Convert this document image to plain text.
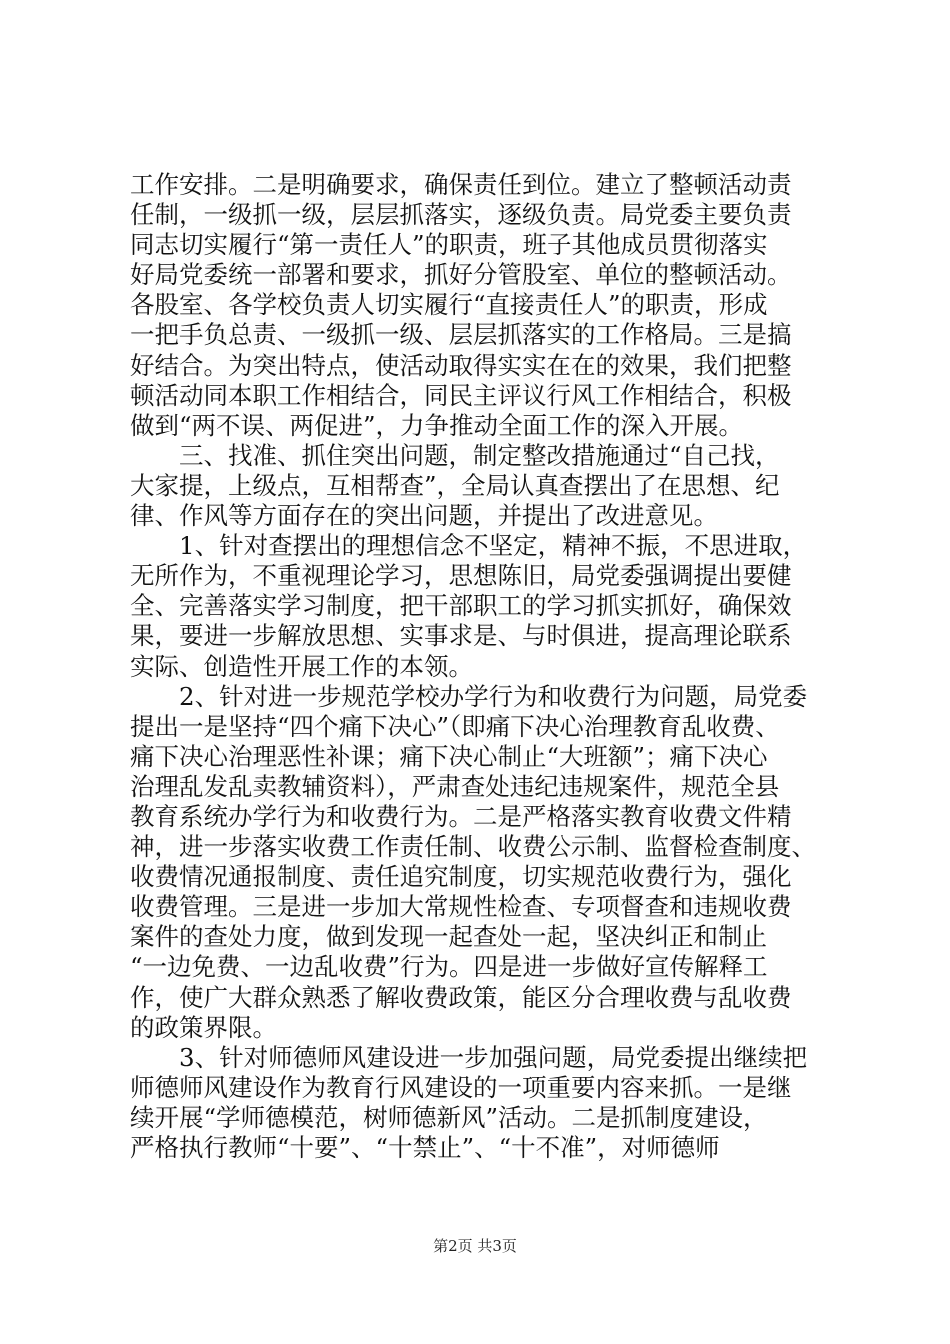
工作安排。二是明确要求，确保责任到位。建立了整顿活动责
任制，一级抓一级，层层抓落实，逐级负责。局党委主要负责
同志切实履行“第一责任人”的职责，班子其他成员贯彻落实
好局党委统一部署和要求，抓好分管股室、单位的整顿活动。
各股室、各学校负责人切实履行“直接责任人”的职责，形成
一把手负总责、一级抓一级、层层抓落实的工作格局。三是搞
好结合。为突出特点，使活动取得实实在在的效果，我们把整
顿活动同本职工作相结合，同民主评议行风工作相结合，积极
做到“两不误、两促进”，力争推动全面工作的深入开展。
三、找准、抓住突出问题，制定整改措施通过“自己找，
大家提，上级点，互相帮查”，全局认真查摆出了在思想、纪
律、作风等方面存在的突出问题，并提出了改进意见。
1、针对查摆出的理想信念不坚定，精神不振，不思进取，
无所作为，不重视理论学习，思想陈旧，局党委强调提出要健
全、完善落实学习制度，把干部职工的学习抓实抓好，确保效
果，要进一步解放思想、实事求是、与时俱进，提高理论联系
实际、创造性开展工作的本领。
2、针对进一步规范学校办学行为和收费行为问题，局党委
提出一是坚持“四个痛下决心”（即痛下决心治理教育乱收费、
痛下决心治理恶性补课；痛下决心制止“大班额”；痛下决心
治理乱发乱卖教辅资料），严肃查处违纪违规案件，规范全县
教育系统办学行为和收费行为。二是严格落实教育收费文件精
神，进一步落实收费工作责任制、收费公示制、监督检查制度、
收费情况通报制度、责任追究制度，切实规范收费行为，强化
收费管理。三是进一步加大常规性检查、专项督查和违规收费
案件的查处力度，做到发现一起查处一起，坚决纠正和制止
“一边免费、一边乱收费”行为。四是进一步做好宣传解释工
作，使广大群众熟悉了解收费政策，能区分合理收费与乱收费
的政策界限。
3、针对师德师风建设进一步加强问题，局党委提出继续把
师德师风建设作为教育行风建设的一项重要内容来抓。一是继
续开展“学师德模范，树师德新风”活动。二是抓制度建设，
严格执行教师“十要”、“十禁止”、“十不准”，对师德师
第2页 共3页
